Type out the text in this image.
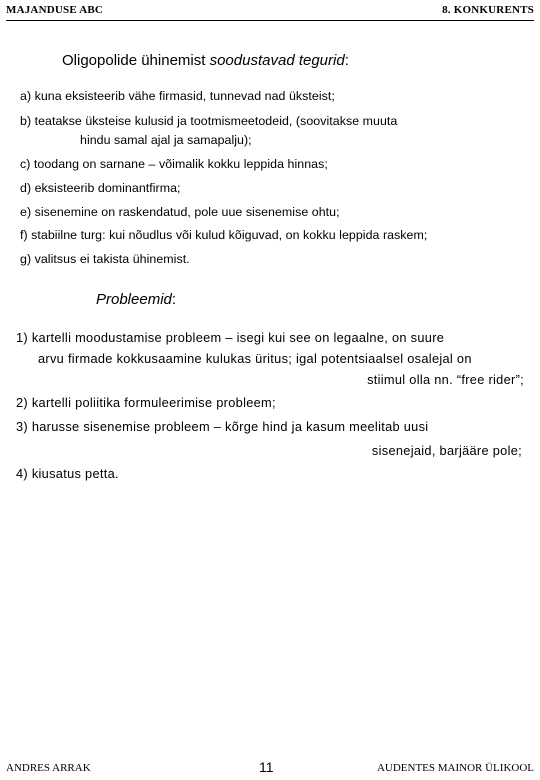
MAJANDUSE ABC	8. KONKURENTS
Oligopolide ühinemist soodustavad tegurid:
a) kuna eksisteerib vähe firmasid, tunnevad nad üksteist;
b) teatakse üksteise kulusid ja tootmismeetodeid, (soovitakse muuta
hindu samal ajal ja samapalju);
c) toodang on sarnane – võimalik kokku leppida hinnas;
d) eksisteerib dominantfirma;
e) sisenemine on raskendatud, pole uue sisenemise ohtu;
f) stabiilne turg: kui nõudlus või kulud kõiguvad, on kokku leppida raskem;
g) valitsus ei takista ühinemist.
Probleemid:
1) kartelli moodustamise probleem – isegi kui see on legaalne, on suure
arvu firmade kokkusaamine kulukas üritus; igal potentsiaalsel osalejal on
stiimul olla nn. “free rider”;
2) kartelli poliitika formuleerimise probleem;
3) harusse sisenemise probleem – kõrge hind ja kasum meelitab uusi
sisenejaid, barjääre pole;
4) kiusatus petta.
ANDRES ARRAK	11	AUDENTES MAINOR ÜLIKOOL
